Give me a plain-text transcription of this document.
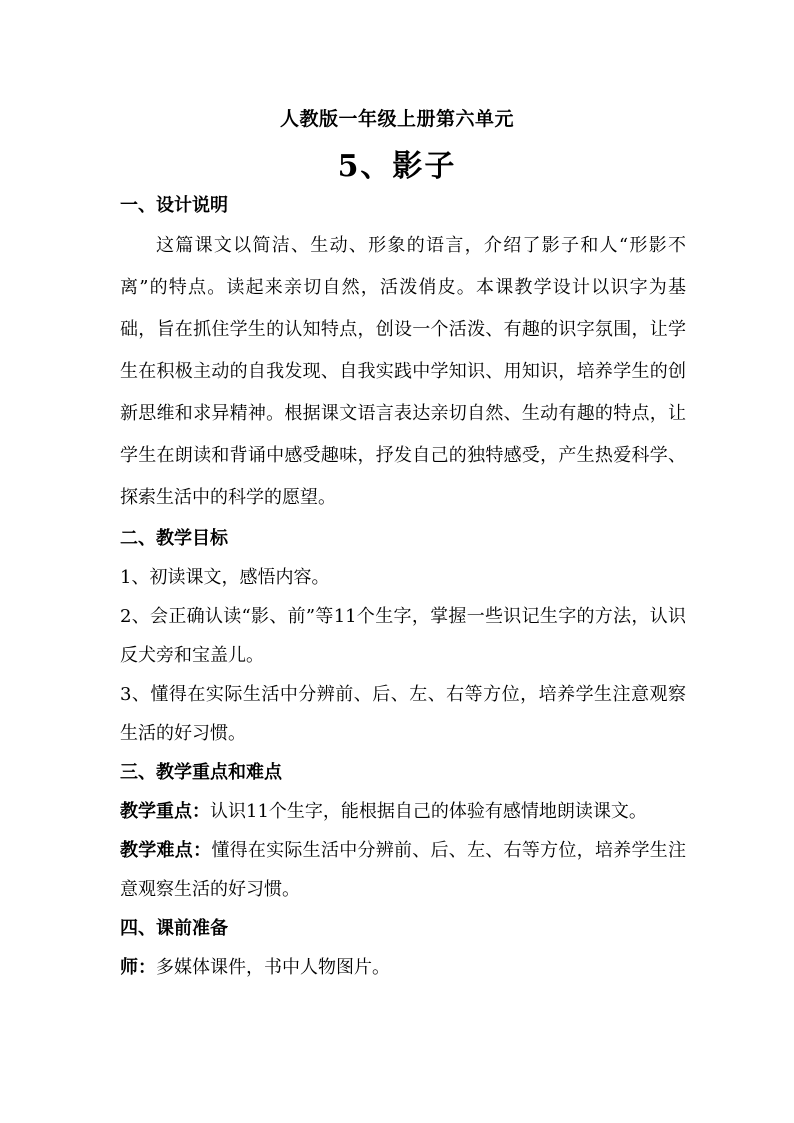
人教版一年级上册第六单元
5、影子

一、设计说明

这篇课文以简洁、生动、形象的语言，介绍了影子和人“形影不离”的特点。读起来亲切自然，活泼俏皮。本课教学设计以识字为基础，旨在抓住学生的认知特点，创设一个活泼、有趣的识字氛围，让学生在积极主动的自我发现、自我实践中学知识、用知识，培养学生的创新思维和求异精神。根据课文语言表达亲切自然、生动有趣的特点，让学生在朗读和背诵中感受趣味，抒发自己的独特感受，产生热爱科学、探索生活中的科学的愿望。

二、教学目标

1、初读课文，感悟内容。

2、会正确认读“影、前”等11个生字，掌握一些识记生字的方法，认识反犬旁和宝盖儿。

3、懂得在实际生活中分辨前、后、左、右等方位，培养学生注意观察生活的好习惯。

三、教学重点和难点

教学重点：认识11个生字，能根据自己的体验有感情地朗读课文。

教学难点：懂得在实际生活中分辨前、后、左、右等方位，培养学生注意观察生活的好习惯。

四、课前准备

师：多媒体课件，书中人物图片。
